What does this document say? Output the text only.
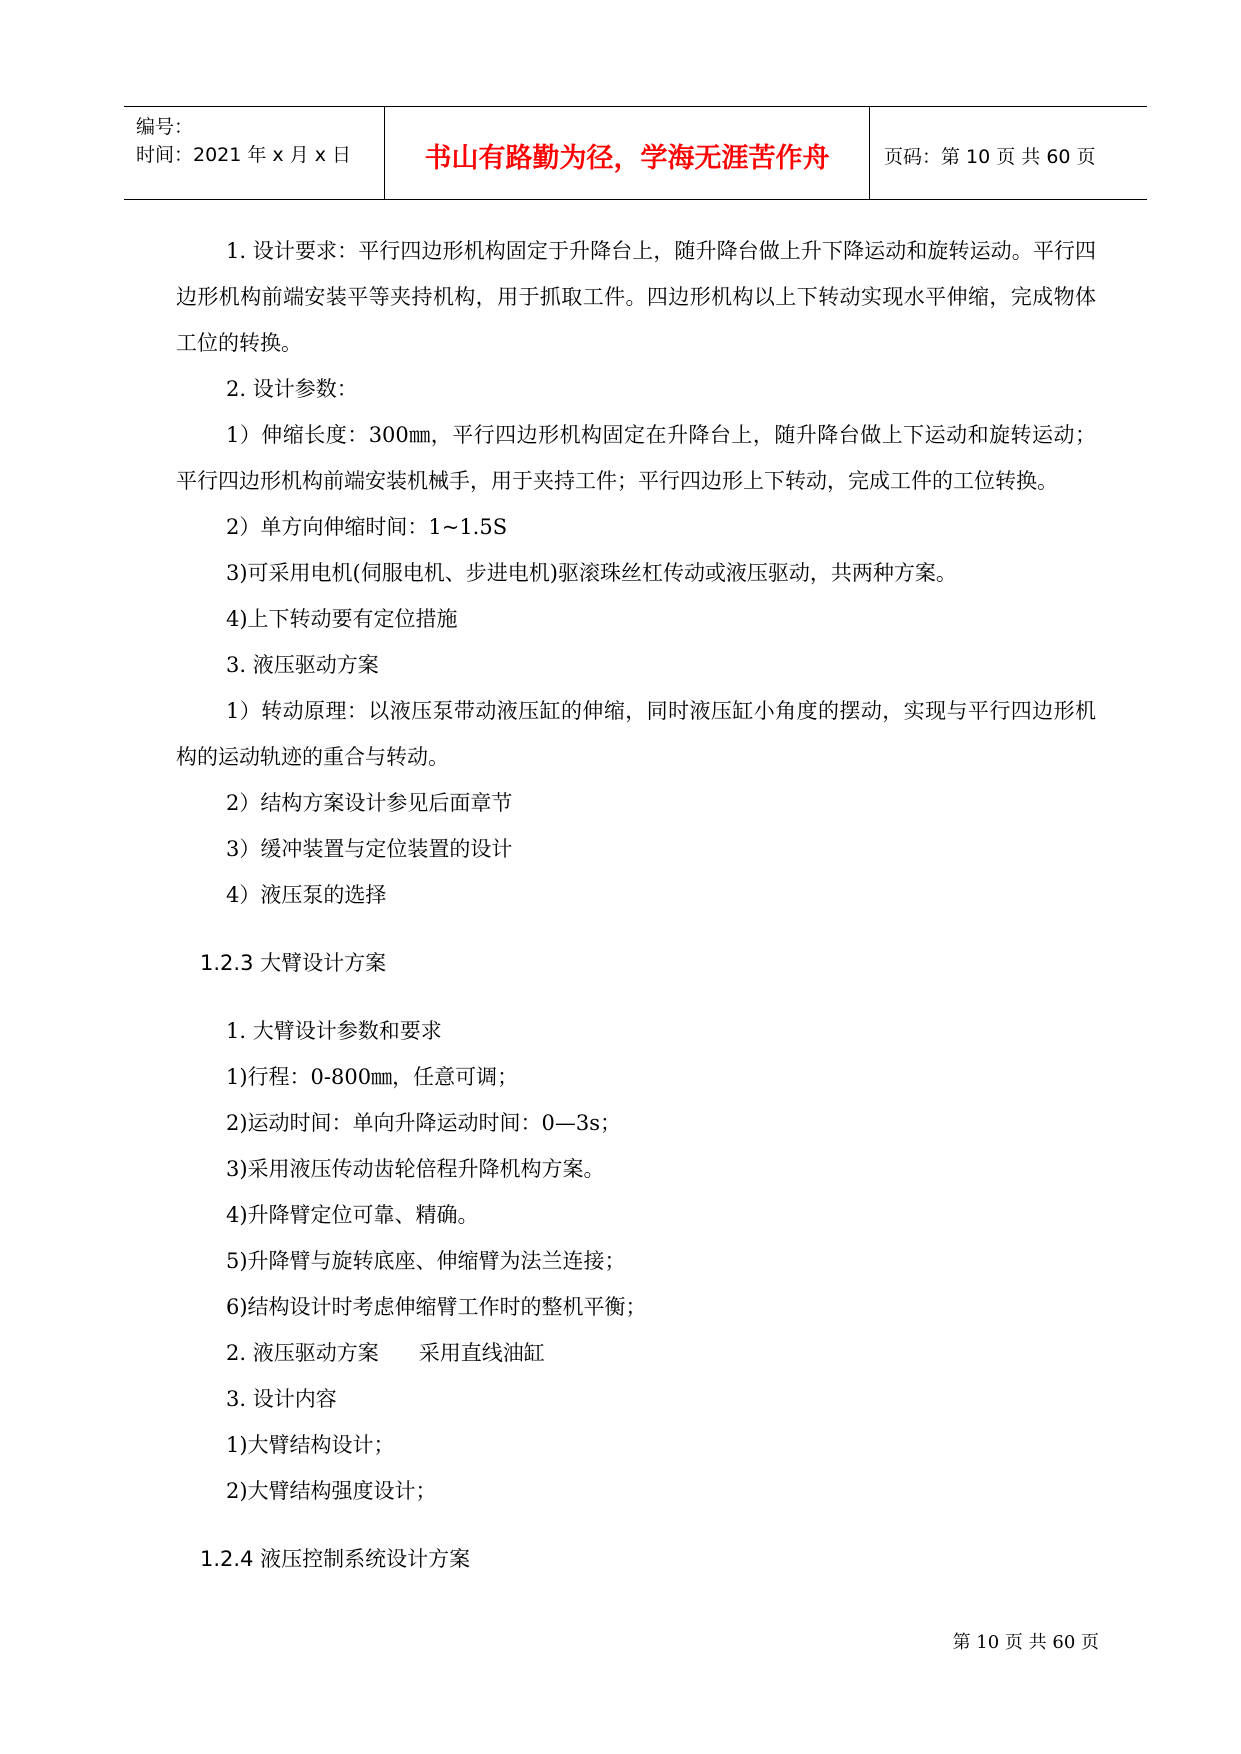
编号：
时间：2021 年 x 月 x 日	书山有路勤为径，学海无涯苦作舟	页码：第 10 页 共 60 页

1. 设计要求：平行四边形机构固定于升降台上，随升降台做上升下降运动和旋转运动。平行四边形机构前端安装平等夹持机构，用于抓取工件。四边形机构以上下转动实现水平伸缩，完成物体工位的转换。

2. 设计参数：

1）伸缩长度：300㎜，平行四边形机构固定在升降台上，随升降台做上下运动和旋转运动；平行四边形机构前端安装机械手，用于夹持工件；平行四边形上下转动，完成工件的工位转换。

2）单方向伸缩时间：1~1.5S

3)可采用电机(伺服电机、步进电机)驱滚珠丝杠传动或液压驱动，共两种方案。

4)上下转动要有定位措施

3. 液压驱动方案

1）转动原理：以液压泵带动液压缸的伸缩，同时液压缸小角度的摆动，实现与平行四边形机构的运动轨迹的重合与转动。

2）结构方案设计参见后面章节

3）缓冲装置与定位装置的设计

4）液压泵的选择

1.2.3 大臂设计方案

1. 大臂设计参数和要求

1)行程：0-800㎜，任意可调；

2)运动时间：单向升降运动时间：0—3s；

3)采用液压传动齿轮倍程升降机构方案。

4)升降臂定位可靠、精确。

5)升降臂与旋转底座、伸缩臂为法兰连接；

6)结构设计时考虑伸缩臂工作时的整机平衡；

2. 液压驱动方案      采用直线油缸

3. 设计内容

1)大臂结构设计；

2)大臂结构强度设计；

1.2.4 液压控制系统设计方案

第 10 页 共 60 页
